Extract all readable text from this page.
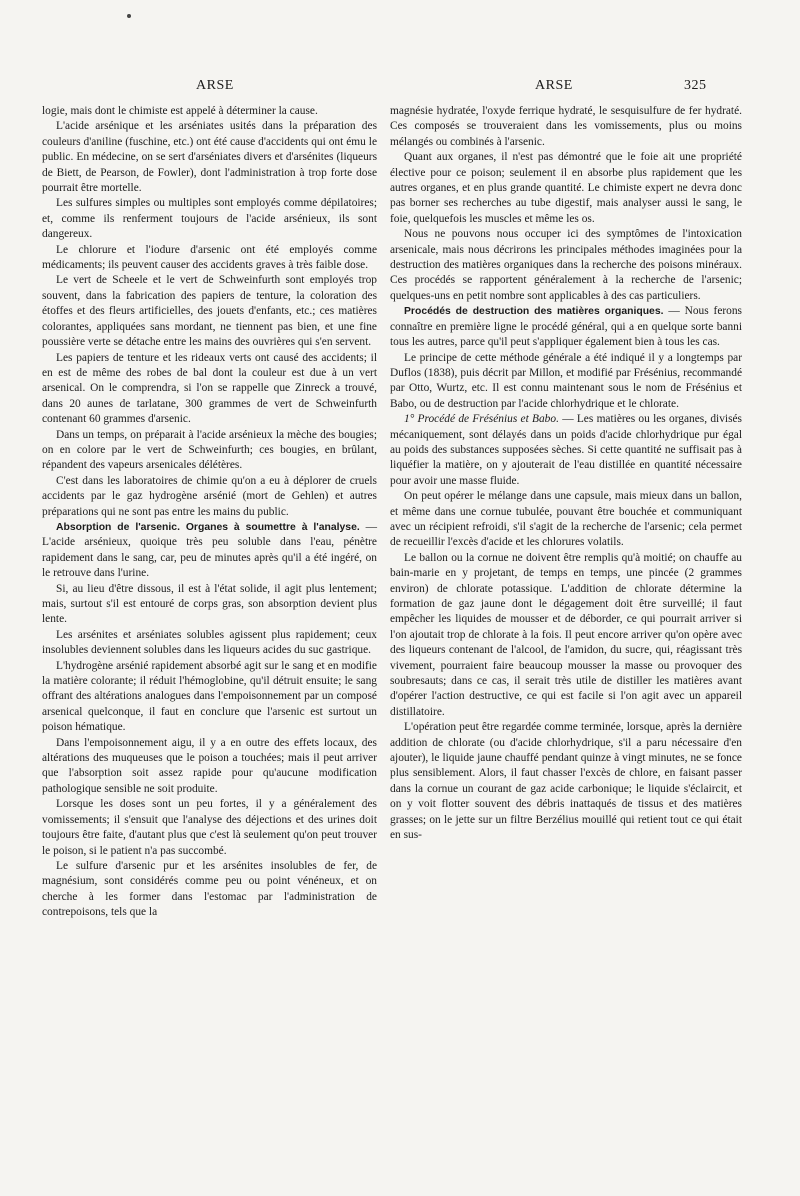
ARSE	ARSE	325

logie, mais dont le chimiste est appelé à déterminer la cause.

L'acide arsénique et les arséniates usités dans la préparation des couleurs d'aniline (fuschine, etc.) ont été cause d'accidents qui ont ému le public. En médecine, on se sert d'arséniates divers et d'arsénites (liqueurs de Biett, de Pearson, de Fowler), dont l'administration à trop forte dose pourrait être mortelle.

Les sulfures simples ou multiples sont employés comme dépilatoires; et, comme ils renferment toujours de l'acide arsénieux, ils sont dangereux.

Le chlorure et l'iodure d'arsenic ont été employés comme médicaments; ils peuvent causer des accidents graves à très faible dose.

Le vert de Scheele et le vert de Schweinfurth sont employés trop souvent, dans la fabrication des papiers de tenture, la coloration des étoffes et des fleurs artificielles, des jouets d'enfants, etc.; ces matières colorantes, appliquées sans mordant, ne tiennent pas bien, et une fine poussière verte se détache entre les mains des ouvrières qui s'en servent.

Les papiers de tenture et les rideaux verts ont causé des accidents; il en est de même des robes de bal dont la couleur est due à un vert arsenical. On le comprendra, si l'on se rappelle que Zinreck a trouvé, dans 20 aunes de tarlatane, 300 grammes de vert de Schweinfurth contenant 60 grammes d'arsenic.

Dans un temps, on préparait à l'acide arsénieux la mèche des bougies; on en colore par le vert de Schweinfurth; ces bougies, en brûlant, répandent des vapeurs arsenicales délétères.

C'est dans les laboratoires de chimie qu'on a eu à déplorer de cruels accidents par le gaz hydrogène arsénié (mort de Gehlen) et autres préparations qui ne sont pas entre les mains du public.

Absorption de l'arsenic. Organes à soumettre à l'analyse. — L'acide arsénieux, quoique très peu soluble dans l'eau, pénètre rapidement dans le sang, car, peu de minutes après qu'il a été ingéré, on le retrouve dans l'urine.

Si, au lieu d'être dissous, il est à l'état solide, il agit plus lentement; mais, surtout s'il est entouré de corps gras, son absorption devient plus lente.

Les arsénites et arséniates solubles agissent plus rapidement; ceux insolubles deviennent solubles dans les liqueurs acides du suc gastrique.

L'hydrogène arsénié rapidement absorbé agit sur le sang et en modifie la matière colorante; il réduit l'hémoglobine, qu'il détruit ensuite; le sang offrant des altérations analogues dans l'empoisonnement par un composé arsenical quelconque, il faut en conclure que l'arsenic est surtout un poison hématique.

Dans l'empoisonnement aigu, il y a en outre des effets locaux, des altérations des muqueuses que le poison a touchées; mais il peut arriver que l'absorption soit assez rapide pour qu'aucune modification pathologique sensible ne soit produite.

Lorsque les doses sont un peu fortes, il y a généralement des vomissements; il s'ensuit que l'analyse des déjections et des urines doit toujours être faite, d'autant plus que c'est là seulement qu'on peut trouver le poison, si le patient n'a pas succombé.

Le sulfure d'arsenic pur et les arsénites insolubles de fer, de magnésium, sont considérés comme peu ou point vénéneux, et on cherche à les former dans l'estomac par l'administration de contrepoisons, tels que la

magnésie hydratée, l'oxyde ferrique hydraté, le sesquisulfure de fer hydraté. Ces composés se trouveraient dans les vomissements, plus ou moins mélangés ou combinés à l'arsenic.

Quant aux organes, il n'est pas démontré que le foie ait une propriété élective pour ce poison; seulement il en absorbe plus rapidement que les autres organes, et en plus grande quantité. Le chimiste expert ne devra donc pas borner ses recherches au tube digestif, mais analyser aussi le sang, le foie, quelquefois les muscles et même les os.

Nous ne pouvons nous occuper ici des symptômes de l'intoxication arsenicale, mais nous décrirons les principales méthodes imaginées pour la destruction des matières organiques dans la recherche des poisons minéraux. Ces procédés se rapportent généralement à la recherche de l'arsenic; quelques-uns en petit nombre sont applicables à des cas particuliers.

Procédés de destruction des matières organiques. — Nous ferons connaître en première ligne le procédé général, qui a en quelque sorte banni tous les autres, parce qu'il peut s'appliquer également bien à tous les cas.

Le principe de cette méthode générale a été indiqué il y a longtemps par Duflos (1838), puis décrit par Millon, et modifié par Frésénius, recommandé par Otto, Wurtz, etc. Il est connu maintenant sous le nom de Frésénius et Babo, ou de destruction par l'acide chlorhydrique et le chlorate.

1° Procédé de Frésénius et Babo. — Les matières ou les organes, divisés mécaniquement, sont délayés dans un poids d'acide chlorhydrique pur égal au poids des substances supposées sèches. Si cette quantité ne suffisait pas à liquéfier la matière, on y ajouterait de l'eau distillée en quantité nécessaire pour avoir une masse fluide.

On peut opérer le mélange dans une capsule, mais mieux dans un ballon, et même dans une cornue tubulée, pouvant être bouchée et communiquant avec un récipient refroidi, s'il s'agit de la recherche de l'arsenic; cela permet de recueillir l'excès d'acide et les chlorures volatils.

Le ballon ou la cornue ne doivent être remplis qu'à moitié; on chauffe au bain-marie en y projetant, de temps en temps, une pincée (2 grammes environ) de chlorate potassique. L'addition de chlorate détermine la formation de gaz jaune dont le dégagement doit être surveillé; il faut empêcher les liquides de mousser et de déborder, ce qui pourrait arriver si l'on ajoutait trop de chlorate à la fois. Il peut encore arriver qu'on opère avec des liqueurs contenant de l'alcool, de l'amidon, du sucre, qui, réagissant très vivement, pourraient faire beaucoup mousser la masse ou provoquer des soubresauts; dans ce cas, il serait très utile de distiller les matières avant d'opérer l'action destructive, ce qui est facile si l'on agit avec un appareil distillatoire.

L'opération peut être regardée comme terminée, lorsque, après la dernière addition de chlorate (ou d'acide chlorhydrique, s'il a paru nécessaire d'en ajouter), le liquide jaune chauffé pendant quinze à vingt minutes, ne se fonce plus sensiblement. Alors, il faut chasser l'excès de chlore, en faisant passer dans la cornue un courant de gaz acide carbonique; le liquide s'éclaircit, et on y voit flotter souvent des débris inattaqués de tissus et des matières grasses; on le jette sur un filtre Berzélius mouillé qui retient tout ce qui était en sus-
